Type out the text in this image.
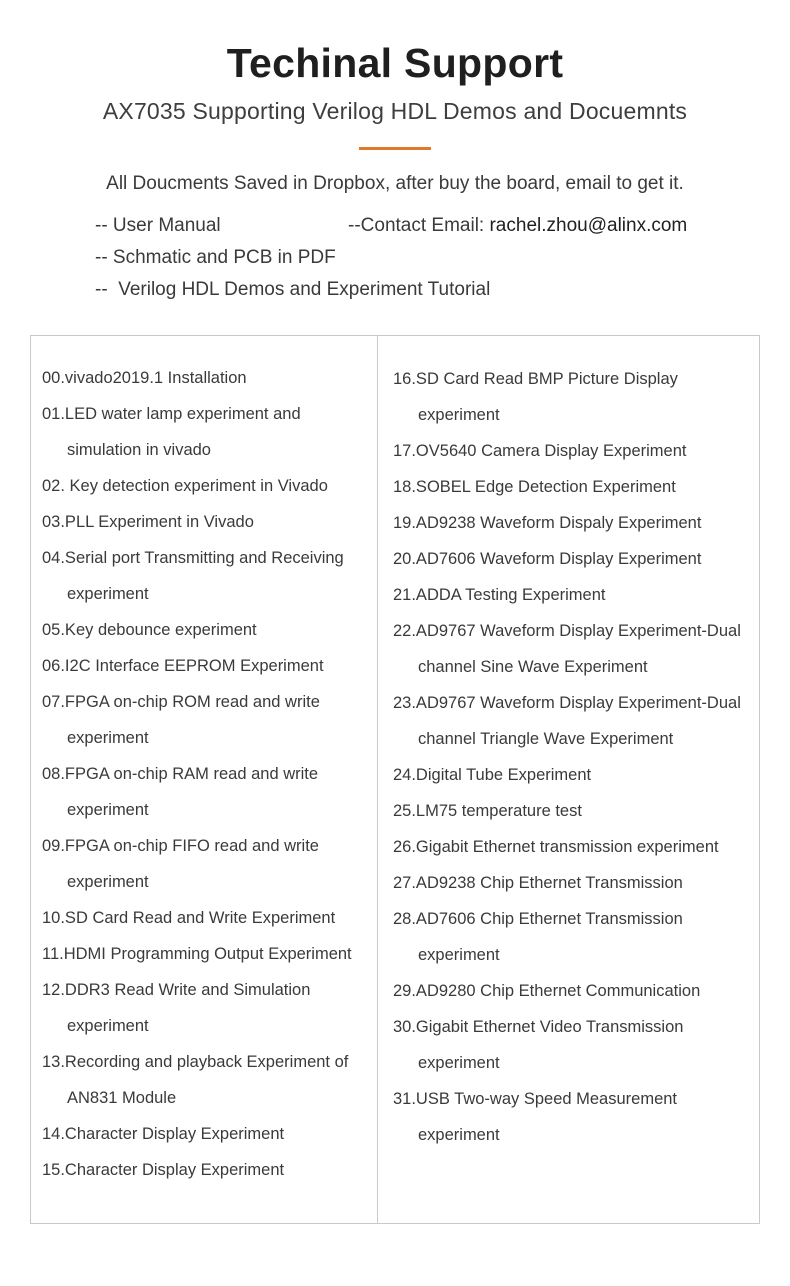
Techinal Support
AX7035 Supporting Verilog HDL Demos and Docuemnts
All Doucments Saved in Dropbox, after buy the board, email to get it.
-- User Manual
-- Schmatic and PCB in PDF
--  Verilog HDL Demos and Experiment Tutorial
--Contact Email: rachel.zhou@alinx.com
00.vivado2019.1 Installation
01.LED water lamp experiment and
simulation in vivado
02. Key detection experiment in Vivado
03.PLL Experiment in Vivado
04.Serial port Transmitting and Receiving
experiment
05.Key debounce experiment
06.I2C Interface EEPROM Experiment
07.FPGA on-chip ROM read and write
experiment
08.FPGA on-chip RAM read and write
experiment
09.FPGA on-chip FIFO read and write
experiment
10.SD Card Read and Write Experiment
11.HDMI Programming Output Experiment
12.DDR3 Read Write and Simulation
experiment
13.Recording and playback Experiment of
AN831 Module
14.Character Display Experiment
15.Character Display Experiment
16.SD Card Read BMP Picture Display
experiment
17.OV5640 Camera Display Experiment
18.SOBEL Edge Detection Experiment
19.AD9238 Waveform Dispaly Experiment
20.AD7606 Waveform Display Experiment
21.ADDA Testing Experiment
22.AD9767 Waveform Display Experiment-Dual
channel Sine Wave Experiment
23.AD9767 Waveform Display Experiment-Dual
channel Triangle Wave Experiment
24.Digital Tube Experiment
25.LM75 temperature test
26.Gigabit Ethernet transmission experiment
27.AD9238 Chip Ethernet Transmission
28.AD7606 Chip Ethernet Transmission
experiment
29.AD9280 Chip Ethernet Communication
30.Gigabit Ethernet Video Transmission
experiment
31.USB Two-way Speed Measurement
experiment
